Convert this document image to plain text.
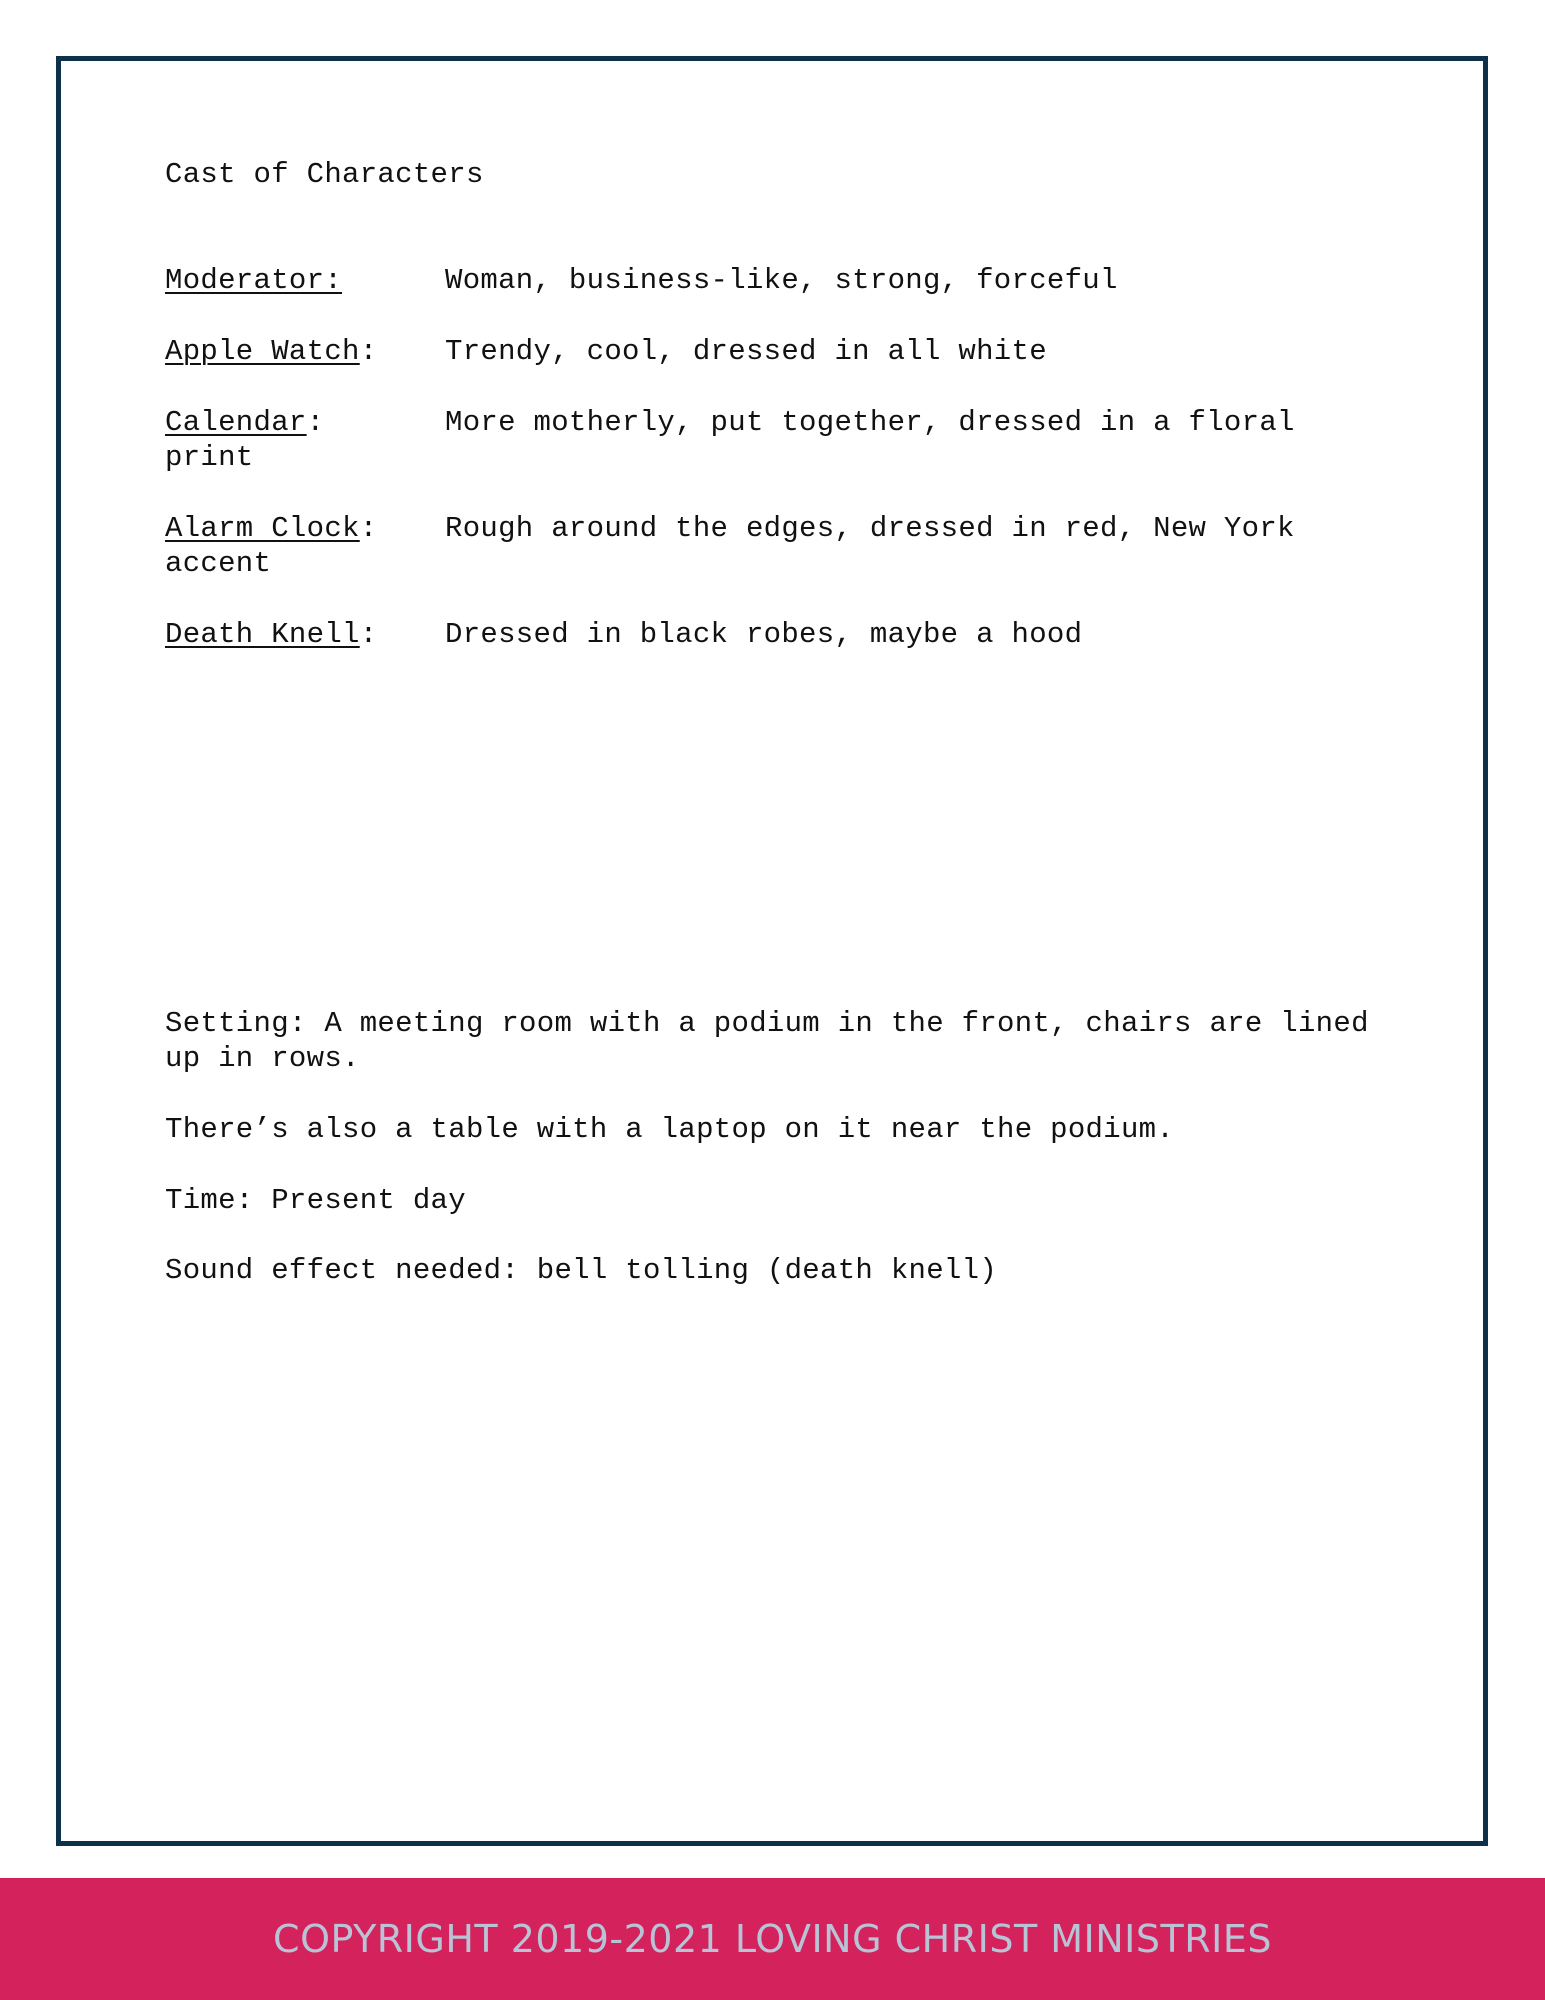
Cast of Characters
Moderator:	Woman, business-like, strong, forceful
Apple Watch: Trendy, cool, dressed in all white
Calendar:	More motherly, put together, dressed in a floral print
Alarm Clock: Rough around the edges, dressed in red, New York accent
Death Knell: Dressed in black robes, maybe a hood
Setting: A meeting room with a podium in the front, chairs are lined up in rows.
There’s also a table with a laptop on it near the podium.
Time: Present day
Sound effect needed: bell tolling (death knell)
COPYRIGHT 2019-2021 LOVING CHRIST MINISTRIES
